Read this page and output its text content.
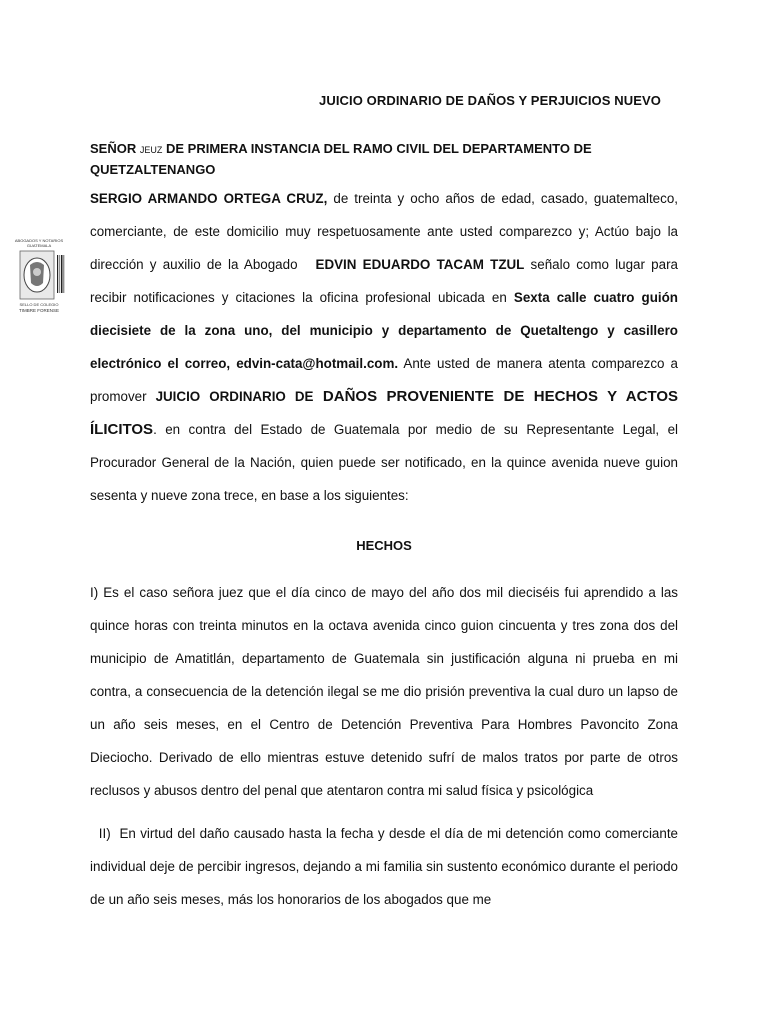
JUICIO ORDINARIO DE DAÑOS Y PERJUICIOS NUEVO
SEÑOR JEUZ DE PRIMERA INSTANCIA DEL RAMO CIVIL DEL DEPARTAMENTO DE QUETZALTENANGO
SERGIO ARMANDO ORTEGA CRUZ, de treinta y ocho años de edad, casado, guatemalteco, comerciante, de este domicilio muy respetuosamente ante usted comparezco y; Actúo bajo la dirección y auxilio de la Abogado EDVIN EDUARDO TACAM TZUL señalo como lugar para recibir notificaciones y citaciones la oficina profesional ubicada en Sexta calle cuatro guión diecisiete de la zona uno, del municipio y departamento de Quetaltengo y casillero electrónico el correo, edvin-cata@hotmail.com. Ante usted de manera atenta comparezco a promover JUICIO ORDINARIO DE DAÑOS PROVENIENTE DE HECHOS Y ACTOS ÍLICITOS. en contra del Estado de Guatemala por medio de su Representante Legal, el Procurador General de la Nación, quien puede ser notificado, en la quince avenida nueve guion sesenta y nueve zona trece, en base a los siguientes:
HECHOS
I) Es el caso señora juez que el día cinco de mayo del año dos mil dieciséis fui aprendido a las quince horas con treinta minutos en la octava avenida cinco guion cincuenta y tres zona dos del municipio de Amatitlán, departamento de Guatemala sin justificación alguna ni prueba en mi contra, a consecuencia de la detención ilegal se me dio prisión preventiva la cual duro un lapso de un año seis meses, en el Centro de Detención Preventiva Para Hombres Pavoncito Zona Dieciocho. Derivado de ello mientras estuve detenido sufrí de malos tratos por parte de otros reclusos y abusos dentro del penal que atentaron contra mi salud física y psicológica
II)  En virtud del daño causado hasta la fecha y desde el día de mi detención como comerciante individual deje de percibir ingresos, dejando a mi familia sin sustento económico durante el periodo de un año seis meses, más los honorarios de los abogados que me
ABOGADOS Y NOTARIOS
GUATEMALA
SELLO DE COLEGIO
TIMBRE FORENSE
